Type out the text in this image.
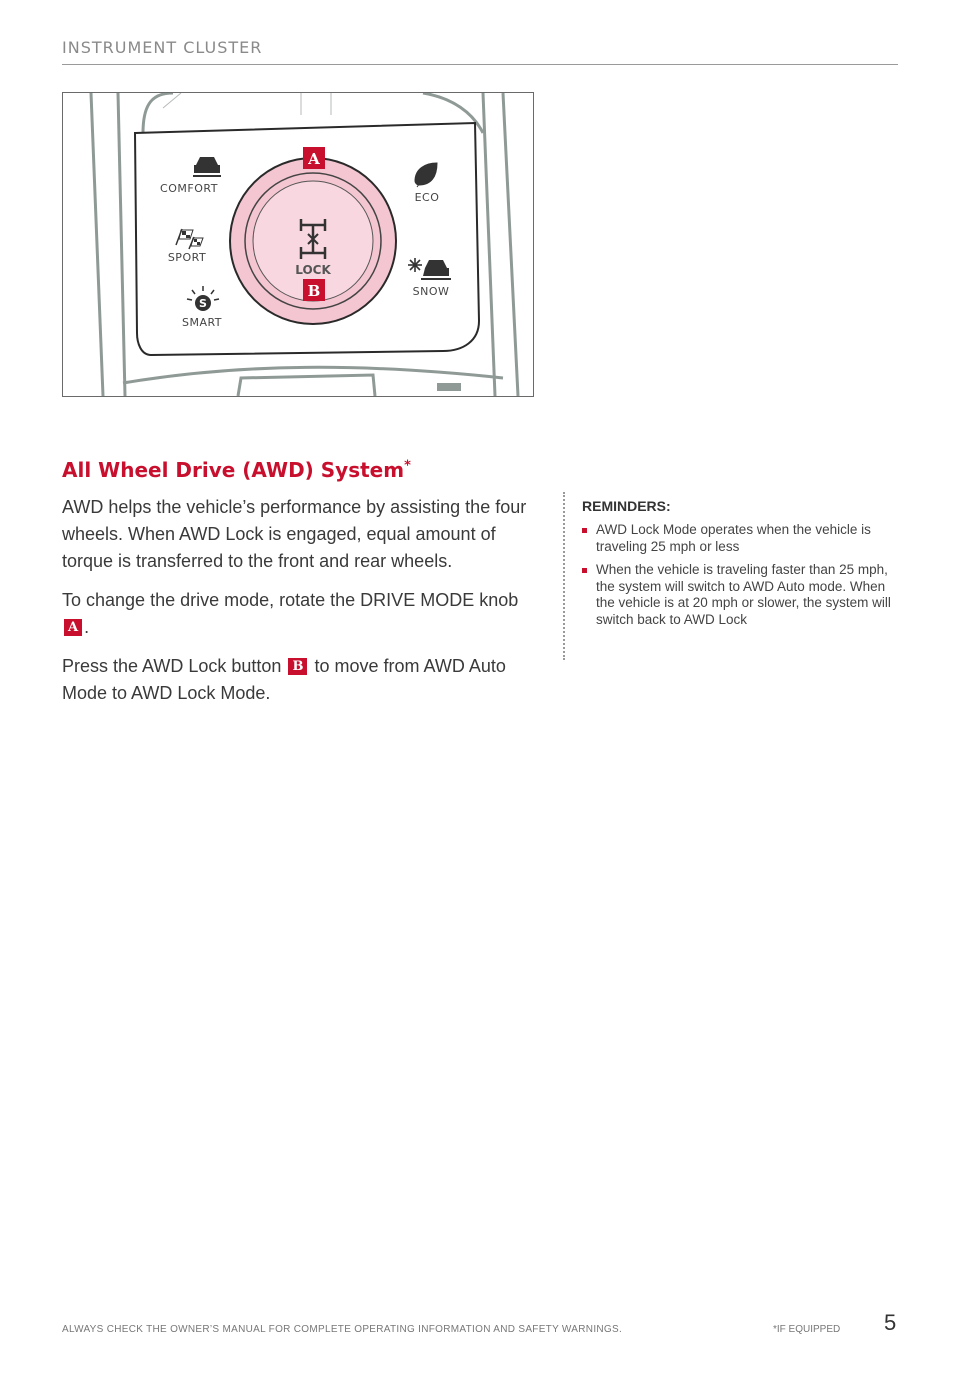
INSTRUMENT CLUSTER
LOCK
A
B
COMFORT
ECO
SPORT
SNOW
S
SMART
All Wheel Drive (AWD) System*

AWD helps the vehicle’s performance by assisting the four wheels. When AWD Lock is engaged, equal amount of torque is transferred to the front and rear wheels.

To change the drive mode, rotate the DRIVE MODE knob A .

Press the AWD Lock button B to move from AWD Auto Mode to AWD Lock Mode.

REMINDERS:
AWD Lock Mode operates when the vehicle is traveling 25 mph or less
When the vehicle is traveling faster than 25 mph, the system will switch to AWD Auto mode. When the vehicle is at 20 mph or slower, the system will switch back to AWD Lock
ALWAYS CHECK THE OWNER’S MANUAL FOR COMPLETE OPERATING INFORMATION AND SAFETY WARNINGS.	*IF EQUIPPED 5
